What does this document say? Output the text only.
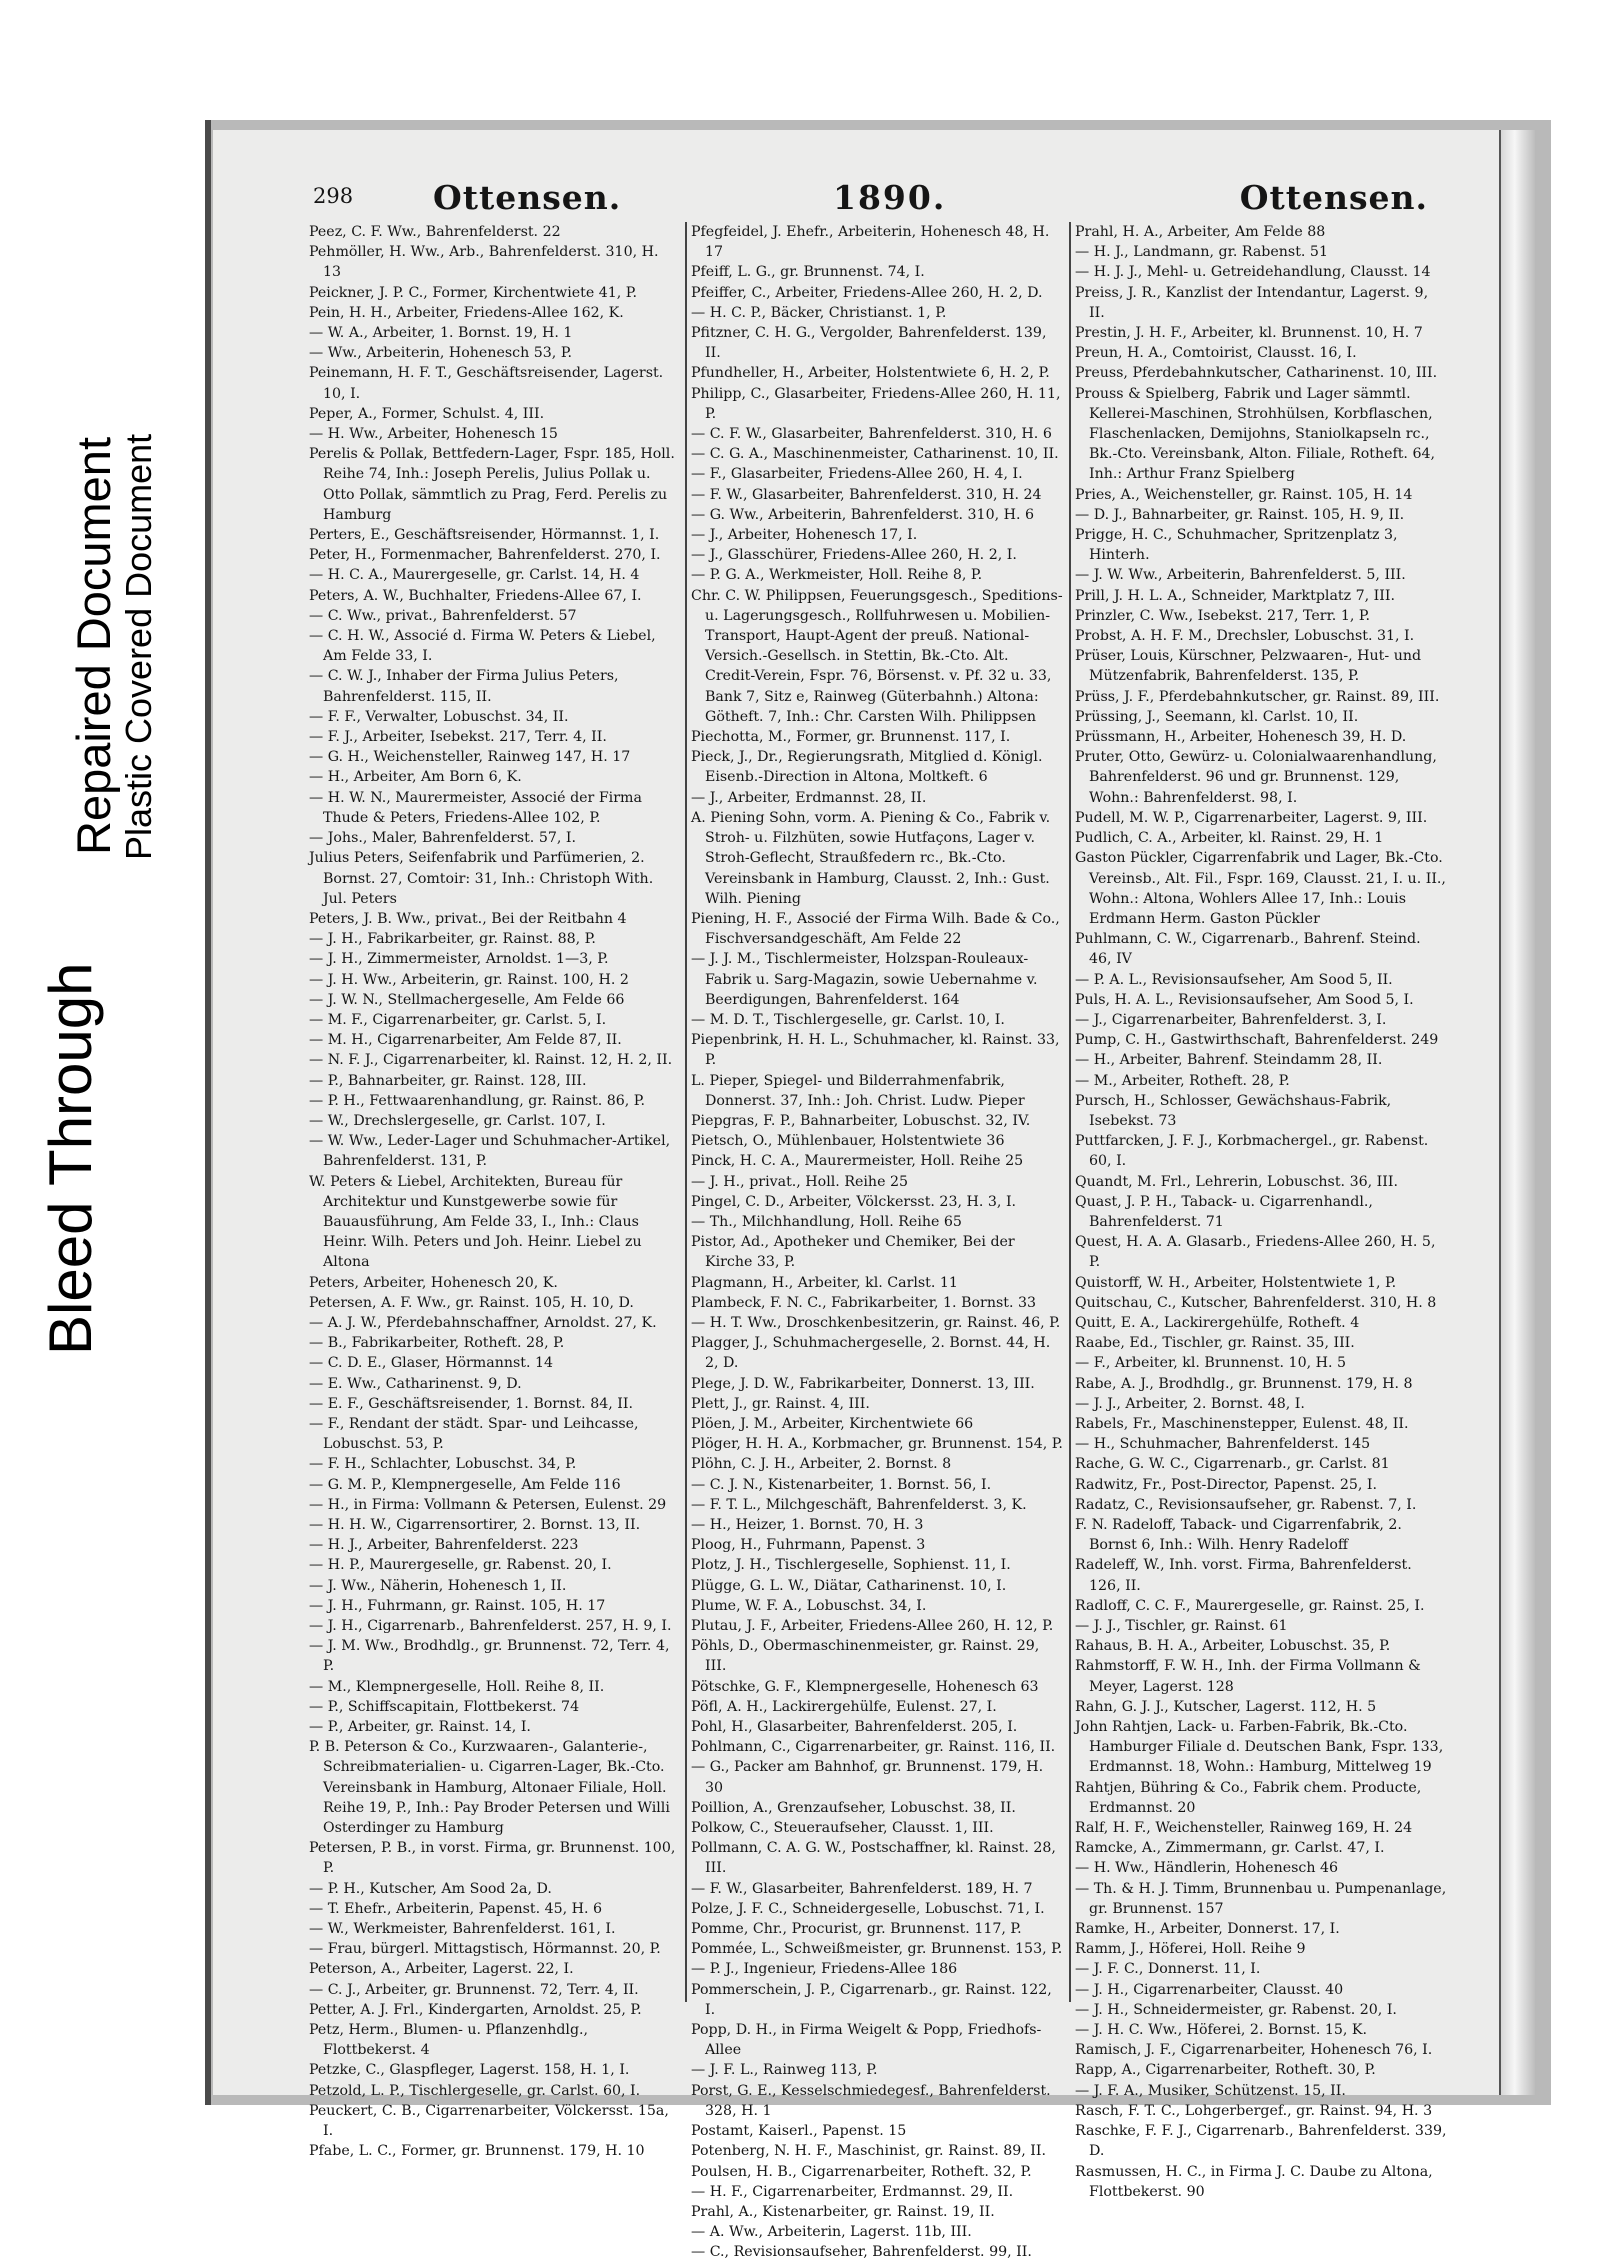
Bleed Through
Repaired Document
Plastic Covered Document
298 Ottensen.	1890.	Ottensen.
Peez, C. F. Ww., Bahrenfelderst. 22
Pehmöller, H. Ww., Arb., Bahrenfelderst. 310, H. 13
Peickner, J. P. C., Former, Kirchentwiete 41, P.
Pein, H. H., Arbeiter, Friedens-Allee 162, K.
— W. A., Arbeiter, 1. Bornst. 19, H. 1
— Ww., Arbeiterin, Hohenesch 53, P.
Peinemann, H. F. T., Geschäftsreisender, Lagerst. 10, I.
Peper, A., Former, Schulst. 4, III.
— H. Ww., Arbeiter, Hohenesch 15
Perelis & Pollak, Bettfedern-Lager, Fspr. 185, Holl. Reihe 74, Inh.: Joseph Perelis, Julius Pollak u. Otto Pollak, sämmtlich zu Prag, Ferd. Perelis zu Hamburg
Perters, E., Geschäftsreisender, Hörmannst. 1, I.
Peter, H., Formenmacher, Bahrenfelderst. 270, I.
— H. C. A., Maurergeselle, gr. Carlst. 14, H. 4
Peters, A. W., Buchhalter, Friedens-Allee 67, I.
— C. Ww., privat., Bahrenfelderst. 57
— C. H. W., Associé d. Firma W. Peters & Liebel, Am Felde 33, I.
— C. W. J., Inhaber der Firma Julius Peters, Bahrenfelderst. 115, II.
— F. F., Verwalter, Lobuschst. 34, II.
— F. J., Arbeiter, Isebekst. 217, Terr. 4, II.
— G. H., Weichensteller, Rainweg 147, H. 17
— H., Arbeiter, Am Born 6, K.
— H. W. N., Maurermeister, Associé der Firma Thude & Peters, Friedens-Allee 102, P.
— Johs., Maler, Bahrenfelderst. 57, I.
Julius Peters, Seifenfabrik und Parfümerien, 2. Bornst. 27, Comtoir: 31, Inh.: Christoph With. Jul. Peters
Peters, J. B. Ww., privat., Bei der Reitbahn 4
— J. H., Fabrikarbeiter, gr. Rainst. 88, P.
— J. H., Zimmermeister, Arnoldst. 1—3, P.
— J. H. Ww., Arbeiterin, gr. Rainst. 100, H. 2
— J. W. N., Stellmachergeselle, Am Felde 66
— M. F., Cigarrenarbeiter, gr. Carlst. 5, I.
— M. H., Cigarrenarbeiter, Am Felde 87, II.
— N. F. J., Cigarrenarbeiter, kl. Rainst. 12, H. 2, II.
— P., Bahnarbeiter, gr. Rainst. 128, III.
— P. H., Fettwaarenhandlung, gr. Rainst. 86, P.
— W., Drechslergeselle, gr. Carlst. 107, I.
— W. Ww., Leder-Lager und Schuhmacher-Artikel, Bahrenfelderst. 131, P.
W. Peters & Liebel, Architekten, Bureau für Architektur und Kunstgewerbe sowie für Bauausführung, Am Felde 33, I., Inh.: Claus Heinr. Wilh. Peters und Joh. Heinr. Liebel zu Altona
Peters, Arbeiter, Hohenesch 20, K.
Petersen, A. F. Ww., gr. Rainst. 105, H. 10, D.
— A. J. W., Pferdebahnschaffner, Arnoldst. 27, K.
— B., Fabrikarbeiter, Rotheft. 28, P.
— C. D. E., Glaser, Hörmannst. 14
— E. Ww., Catharinenst. 9, D.
— E. F., Geschäftsreisender, 1. Bornst. 84, II.
— F., Rendant der städt. Spar- und Leihcasse, Lobuschst. 53, P.
— F. H., Schlachter, Lobuschst. 34, P.
— G. M. P., Klempnergeselle, Am Felde 116
— H., in Firma: Vollmann & Petersen, Eulenst. 29
— H. H. W., Cigarrensortirer, 2. Bornst. 13, II.
— H. J., Arbeiter, Bahrenfelderst. 223
— H. P., Maurergeselle, gr. Rabenst. 20, I.
— J. Ww., Näherin, Hohenesch 1, II.
— J. H., Fuhrmann, gr. Rainst. 105, H. 17
— J. H., Cigarrenarb., Bahrenfelderst. 257, H. 9, I.
— J. M. Ww., Brodhdlg., gr. Brunnenst. 72, Terr. 4, P.
— M., Klempnergeselle, Holl. Reihe 8, II.
— P., Schiffscapitain, Flottbekerst. 74
— P., Arbeiter, gr. Rainst. 14, I.
P. B. Peterson & Co., Kurzwaaren-, Galanterie-, Schreibmaterialien- u. Cigarren-Lager, Bk.-Cto. Vereinsbank in Hamburg, Altonaer Filiale, Holl. Reihe 19, P., Inh.: Pay Broder Petersen und Willi Osterdinger zu Hamburg
Petersen, P. B., in vorst. Firma, gr. Brunnenst. 100, P.
— P. H., Kutscher, Am Sood 2a, D.
— T. Ehefr., Arbeiterin, Papenst. 45, H. 6
— W., Werkmeister, Bahrenfelderst. 161, I.
— Frau, bürgerl. Mittagstisch, Hörmannst. 20, P.
Peterson, A., Arbeiter, Lagerst. 22, I.
— C. J., Arbeiter, gr. Brunnenst. 72, Terr. 4, II.
Petter, A. J. Frl., Kindergarten, Arnoldst. 25, P.
Petz, Herm., Blumen- u. Pflanzenhdlg., Flottbekerst. 4
Petzke, C., Glaspfleger, Lagerst. 158, H. 1, I.
Petzold, L. P., Tischlergeselle, gr. Carlst. 60, I.
Peuckert, C. B., Cigarrenarbeiter, Völckersst. 15a, I.
Pfabe, L. C., Former, gr. Brunnenst. 179, H. 10
Pfegfeidel, J. Ehefr., Arbeiterin, Hohenesch 48, H. 17
Pfeiff, L. G., gr. Brunnenst. 74, I.
Pfeiffer, C., Arbeiter, Friedens-Allee 260, H. 2, D.
— H. C. P., Bäcker, Christianst. 1, P.
Pfitzner, C. H. G., Vergolder, Bahrenfelderst. 139, II.
Pfundheller, H., Arbeiter, Holstentwiete 6, H. 2, P.
Philipp, C., Glasarbeiter, Friedens-Allee 260, H. 11, P.
— C. F. W., Glasarbeiter, Bahrenfelderst. 310, H. 6
— C. G. A., Maschinenmeister, Catharinenst. 10, II.
— F., Glasarbeiter, Friedens-Allee 260, H. 4, I.
— F. W., Glasarbeiter, Bahrenfelderst. 310, H. 24
— G. Ww., Arbeiterin, Bahrenfelderst. 310, H. 6
— J., Arbeiter, Hohenesch 17, I.
— J., Glasschürer, Friedens-Allee 260, H. 2, I.
— P. G. A., Werkmeister, Holl. Reihe 8, P.
Chr. C. W. Philippsen, Feuerungsgesch., Speditions- u. Lagerungsgesch., Rollfuhrwesen u. Mobilien-Transport, Haupt-Agent der preuß. National-Versich.-Gesellsch. in Stettin, Bk.-Cto. Alt. Credit-Verein, Fspr. 76, Börsenst. v. Pf. 32 u. 33, Bank 7, Sitz e, Rainweg (Güterbahnh.) Altona: Götheft. 7, Inh.: Chr. Carsten Wilh. Philippsen
Piechotta, M., Former, gr. Brunnenst. 117, I.
Pieck, J., Dr., Regierungsrath, Mitglied d. Königl. Eisenb.-Direction in Altona, Moltkeft. 6
— J., Arbeiter, Erdmannst. 28, II.
A. Piening Sohn, vorm. A. Piening & Co., Fabrik v. Stroh- u. Filzhüten, sowie Hutfaçons, Lager v. Stroh-Geflecht, Straußfedern rc., Bk.-Cto. Vereinsbank in Hamburg, Clausst. 2, Inh.: Gust. Wilh. Piening
Piening, H. F., Associé der Firma Wilh. Bade & Co., Fischversandgeschäft, Am Felde 22
— J. J. M., Tischlermeister, Holzspan-Rouleaux-Fabrik u. Sarg-Magazin, sowie Uebernahme v. Beerdigungen, Bahrenfelderst. 164
— M. D. T., Tischlergeselle, gr. Carlst. 10, I.
Piepenbrink, H. H. L., Schuhmacher, kl. Rainst. 33, P.
L. Pieper, Spiegel- und Bilderrahmenfabrik, Donnerst. 37, Inh.: Joh. Christ. Ludw. Pieper
Piepgras, F. P., Bahnarbeiter, Lobuschst. 32, IV.
Pietsch, O., Mühlenbauer, Holstentwiete 36
Pinck, H. C. A., Maurermeister, Holl. Reihe 25
— J. H., privat., Holl. Reihe 25
Pingel, C. D., Arbeiter, Völckersst. 23, H. 3, I.
— Th., Milchhandlung, Holl. Reihe 65
Pistor, Ad., Apotheker und Chemiker, Bei der Kirche 33, P.
Plagmann, H., Arbeiter, kl. Carlst. 11
Plambeck, F. N. C., Fabrikarbeiter, 1. Bornst. 33
— H. T. Ww., Droschkenbesitzerin, gr. Rainst. 46, P.
Plagger, J., Schuhmachergeselle, 2. Bornst. 44, H. 2, D.
Plege, J. D. W., Fabrikarbeiter, Donnerst. 13, III.
Plett, J., gr. Rainst. 4, III.
Plöen, J. M., Arbeiter, Kirchentwiete 66
Plöger, H. H. A., Korbmacher, gr. Brunnenst. 154, P.
Plöhn, C. J. H., Arbeiter, 2. Bornst. 8
— C. J. N., Kistenarbeiter, 1. Bornst. 56, I.
— F. T. L., Milchgeschäft, Bahrenfelderst. 3, K.
— H., Heizer, 1. Bornst. 70, H. 3
Ploog, H., Fuhrmann, Papenst. 3
Plotz, J. H., Tischlergeselle, Sophienst. 11, I.
Plügge, G. L. W., Diätar, Catharinenst. 10, I.
Plume, W. F. A., Lobuschst. 34, I.
Plutau, J. F., Arbeiter, Friedens-Allee 260, H. 12, P.
Pöhls, D., Obermaschinenmeister, gr. Rainst. 29, III.
Pötschke, G. F., Klempnergeselle, Hohenesch 63
Pöfl, A. H., Lackirergehülfe, Eulenst. 27, I.
Pohl, H., Glasarbeiter, Bahrenfelderst. 205, I.
Pohlmann, C., Cigarrenarbeiter, gr. Rainst. 116, II.
— G., Packer am Bahnhof, gr. Brunnenst. 179, H. 30
Poillion, A., Grenzaufseher, Lobuschst. 38, II.
Polkow, C., Steueraufseher, Clausst. 1, III.
Pollmann, C. A. G. W., Postschaffner, kl. Rainst. 28, III.
— F. W., Glasarbeiter, Bahrenfelderst. 189, H. 7
Polze, J. F. C., Schneidergeselle, Lobuschst. 71, I.
Pomme, Chr., Procurist, gr. Brunnenst. 117, P.
Pommée, L., Schweißmeister, gr. Brunnenst. 153, P.
— P. J., Ingenieur, Friedens-Allee 186
Pommerschein, J. P., Cigarrenarb., gr. Rainst. 122, I.
Popp, D. H., in Firma Weigelt & Popp, Friedhofs-Allee
— J. F. L., Rainweg 113, P.
Porst, G. E., Kesselschmiedegesf., Bahrenfelderst. 328, H. 1
Postamt, Kaiserl., Papenst. 15
Potenberg, N. H. F., Maschinist, gr. Rainst. 89, II.
Poulsen, H. B., Cigarrenarbeiter, Rotheft. 32, P.
— H. F., Cigarrenarbeiter, Erdmannst. 29, II.
Prahl, A., Kistenarbeiter, gr. Rainst. 19, II.
— A. Ww., Arbeiterin, Lagerst. 11b, III.
— C., Revisionsaufseher, Bahrenfelderst. 99, II.
Prahl, H. A., Arbeiter, Am Felde 88
— H. J., Landmann, gr. Rabenst. 51
— H. J. J., Mehl- u. Getreidehandlung, Clausst. 14
Preiss, J. R., Kanzlist der Intendantur, Lagerst. 9, II.
Prestin, J. H. F., Arbeiter, kl. Brunnenst. 10, H. 7
Preun, H. A., Comtoirist, Clausst. 16, I.
Preuss, Pferdebahnkutscher, Catharinenst. 10, III.
Prouss & Spielberg, Fabrik und Lager sämmtl. Kellerei-Maschinen, Strohhülsen, Korbflaschen, Flaschenlacken, Demijohns, Staniolkapseln rc., Bk.-Cto. Vereinsbank, Alton. Filiale, Rotheft. 64, Inh.: Arthur Franz Spielberg
Pries, A., Weichensteller, gr. Rainst. 105, H. 14
— D. J., Bahnarbeiter, gr. Rainst. 105, H. 9, II.
Prigge, H. C., Schuhmacher, Spritzenplatz 3, Hinterh.
— J. W. Ww., Arbeiterin, Bahrenfelderst. 5, III.
Prill, J. H. L. A., Schneider, Marktplatz 7, III.
Prinzler, C. Ww., Isebekst. 217, Terr. 1, P.
Probst, A. H. F. M., Drechsler, Lobuschst. 31, I.
Prüser, Louis, Kürschner, Pelzwaaren-, Hut- und Mützenfabrik, Bahrenfelderst. 135, P.
Prüss, J. F., Pferdebahnkutscher, gr. Rainst. 89, III.
Prüssing, J., Seemann, kl. Carlst. 10, II.
Prüssmann, H., Arbeiter, Hohenesch 39, H. D.
Pruter, Otto, Gewürz- u. Colonialwaarenhandlung, Bahrenfelderst. 96 und gr. Brunnenst. 129, Wohn.: Bahrenfelderst. 98, I.
Pudell, M. W. P., Cigarrenarbeiter, Lagerst. 9, III.
Pudlich, C. A., Arbeiter, kl. Rainst. 29, H. 1
Gaston Pückler, Cigarrenfabrik und Lager, Bk.-Cto. Vereinsb., Alt. Fil., Fspr. 169, Clausst. 21, I. u. II., Wohn.: Altona, Wohlers Allee 17, Inh.: Louis Erdmann Herm. Gaston Pückler
Puhlmann, C. W., Cigarrenarb., Bahrenf. Steind. 46, IV
— P. A. L., Revisionsaufseher, Am Sood 5, II.
Puls, H. A. L., Revisionsaufseher, Am Sood 5, I.
— J., Cigarrenarbeiter, Bahrenfelderst. 3, I.
Pump, C. H., Gastwirthschaft, Bahrenfelderst. 249
— H., Arbeiter, Bahrenf. Steindamm 28, II.
— M., Arbeiter, Rotheft. 28, P.
Pursch, H., Schlosser, Gewächshaus-Fabrik, Isebekst. 73
Puttfarcken, J. F. J., Korbmachergel., gr. Rabenst. 60, I.
Quandt, M. Frl., Lehrerin, Lobuschst. 36, III.
Quast, J. P. H., Taback- u. Cigarrenhandl., Bahrenfelderst. 71
Quest, H. A. A. Glasarb., Friedens-Allee 260, H. 5, P.
Quistorff, W. H., Arbeiter, Holstentwiete 1, P.
Quitschau, C., Kutscher, Bahrenfelderst. 310, H. 8
Quitt, E. A., Lackirergehülfe, Rotheft. 4
Raabe, Ed., Tischler, gr. Rainst. 35, III.
— F., Arbeiter, kl. Brunnenst. 10, H. 5
Rabe, A. J., Brodhdlg., gr. Brunnenst. 179, H. 8
— J. J., Arbeiter, 2. Bornst. 48, I.
Rabels, Fr., Maschinenstepper, Eulenst. 48, II.
— H., Schuhmacher, Bahrenfelderst. 145
Rache, G. W. C., Cigarrenarb., gr. Carlst. 81
Radwitz, Fr., Post-Director, Papenst. 25, I.
Radatz, C., Revisionsaufseher, gr. Rabenst. 7, I.
F. N. Radeloff, Taback- und Cigarrenfabrik, 2. Bornst 6, Inh.: Wilh. Henry Radeloff
Radeleff, W., Inh. vorst. Firma, Bahrenfelderst. 126, II.
Radloff, C. C. F., Maurergeselle, gr. Rainst. 25, I.
— J. J., Tischler, gr. Rainst. 61
Rahaus, B. H. A., Arbeiter, Lobuschst. 35, P.
Rahmstorff, F. W. H., Inh. der Firma Vollmann & Meyer, Lagerst. 128
Rahn, G. J. J., Kutscher, Lagerst. 112, H. 5
John Rahtjen, Lack- u. Farben-Fabrik, Bk.-Cto. Hamburger Filiale d. Deutschen Bank, Fspr. 133, Erdmannst. 18, Wohn.: Hamburg, Mittelweg 19
Rahtjen, Bühring & Co., Fabrik chem. Producte, Erdmannst. 20
Ralf, H. F., Weichensteller, Rainweg 169, H. 24
Ramcke, A., Zimmermann, gr. Carlst. 47, I.
— H. Ww., Händlerin, Hohenesch 46
— Th. & H. J. Timm, Brunnenbau u. Pumpenanlage, gr. Brunnenst. 157
Ramke, H., Arbeiter, Donnerst. 17, I.
Ramm, J., Höferei, Holl. Reihe 9
— J. F. C., Donnerst. 11, I.
— J. H., Cigarrenarbeiter, Clausst. 40
— J. H., Schneidermeister, gr. Rabenst. 20, I.
— J. H. C. Ww., Höferei, 2. Bornst. 15, K.
Ramisch, J. F., Cigarrenarbeiter, Hohenesch 76, I.
Rapp, A., Cigarrenarbeiter, Rotheft. 30, P.
— J. F. A., Musiker, Schützenst. 15, II.
Rasch, F. T. C., Lohgerbergef., gr. Rainst. 94, H. 3
Raschke, F. F. J., Cigarrenarb., Bahrenfelderst. 339, D.
Rasmussen, H. C., in Firma J. C. Daube zu Altona, Flottbekerst. 90
